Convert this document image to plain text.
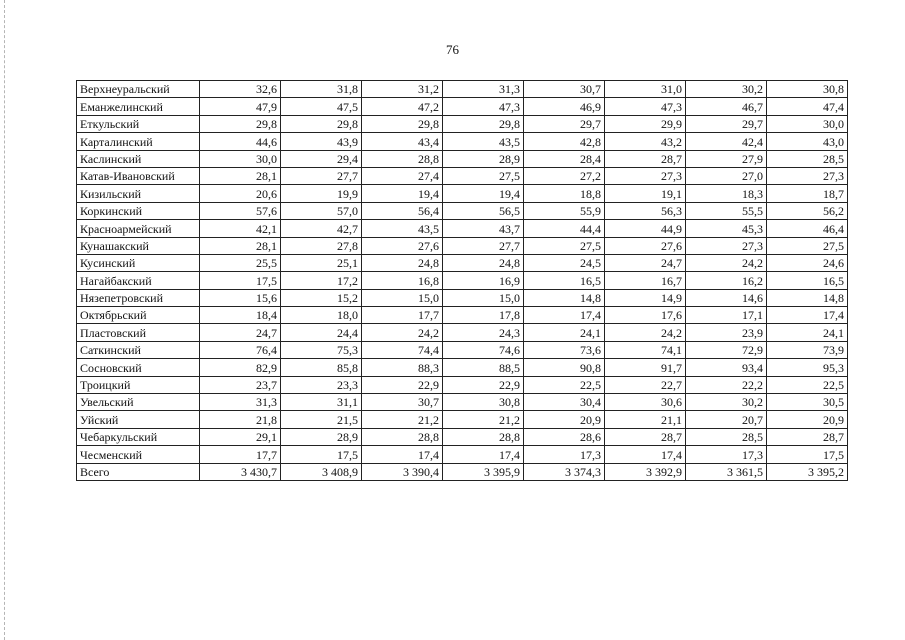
76
Верхнеуральский	32,6	31,8	31,2	31,3	30,7	31,0	30,2	30,8
Еманжелинский	47,9	47,5	47,2	47,3	46,9	47,3	46,7	47,4
Еткульский	29,8	29,8	29,8	29,8	29,7	29,9	29,7	30,0
Карталинский	44,6	43,9	43,4	43,5	42,8	43,2	42,4	43,0
Каслинский	30,0	29,4	28,8	28,9	28,4	28,7	27,9	28,5
Катав-Ивановский	28,1	27,7	27,4	27,5	27,2	27,3	27,0	27,3
Кизильский	20,6	19,9	19,4	19,4	18,8	19,1	18,3	18,7
Коркинский	57,6	57,0	56,4	56,5	55,9	56,3	55,5	56,2
Красноармейский	42,1	42,7	43,5	43,7	44,4	44,9	45,3	46,4
Кунашакский	28,1	27,8	27,6	27,7	27,5	27,6	27,3	27,5
Кусинский	25,5	25,1	24,8	24,8	24,5	24,7	24,2	24,6
Нагайбакский	17,5	17,2	16,8	16,9	16,5	16,7	16,2	16,5
Нязепетровский	15,6	15,2	15,0	15,0	14,8	14,9	14,6	14,8
Октябрьский	18,4	18,0	17,7	17,8	17,4	17,6	17,1	17,4
Пластовский	24,7	24,4	24,2	24,3	24,1	24,2	23,9	24,1
Саткинский	76,4	75,3	74,4	74,6	73,6	74,1	72,9	73,9
Сосновский	82,9	85,8	88,3	88,5	90,8	91,7	93,4	95,3
Троицкий	23,7	23,3	22,9	22,9	22,5	22,7	22,2	22,5
Увельский	31,3	31,1	30,7	30,8	30,4	30,6	30,2	30,5
Уйский	21,8	21,5	21,2	21,2	20,9	21,1	20,7	20,9
Чебаркульский	29,1	28,9	28,8	28,8	28,6	28,7	28,5	28,7
Чесменский	17,7	17,5	17,4	17,4	17,3	17,4	17,3	17,5
Всего	3 430,7	3 408,9	3 390,4	3 395,9	3 374,3	3 392,9	3 361,5	3 395,2
